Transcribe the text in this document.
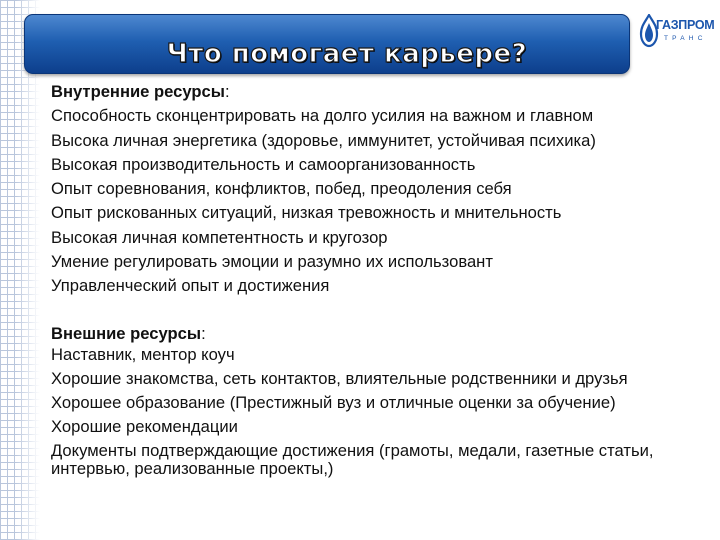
Что помогает карьере?
ГАЗПРОМ
ТРАНС
Внутренние ресурсы:
Способность сконцентрировать на долго усилия на важном и главном
Высока личная энергетика (здоровье, иммунитет, устойчивая психика)
Высокая производительность и самоорганизованность
Опыт соревнования, конфликтов, побед, преодоления себя
Опыт рискованных ситуаций, низкая тревожность и мнительность
Высокая личная компетентность и кругозор
Умение регулировать эмоции и разумно их использовант
Управленческий опыт и достижения
Внешние ресурсы:
Наставник, ментор коуч
Хорошие знакомства, сеть контактов, влиятельные родственники и друзья
Хорошее образование (Престижный вуз и отличные оценки за обучение)
Хорошие рекомендации
Документы подтверждающие достижения (грамоты, медали, газетные статьи, интервью, реализованные проекты,)
